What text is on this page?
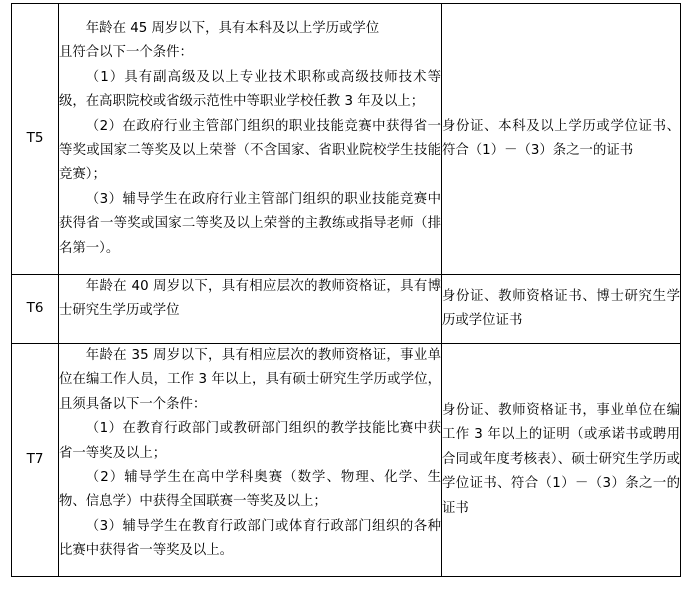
T5	年龄在 45 周岁以下，具有本科及以上学历或学位

且符合以下一个条件：

（1）具有副高级及以上专业技术职称或高级技师技术等级，在高职院校或省级示范性中等职业学校任教 3 年及以上；

（2）在政府行业主管部门组织的职业技能竞赛中获得省一等奖或国家二等奖及以上荣誉（不含国家、省职业院校学生技能竞赛）；

（3）辅导学生在政府行业主管部门组织的职业技能竞赛中获得省一等奖或国家二等奖及以上荣誉的主教练或指导老师（排名第一）。	身份证、本科及以上学历或学位证书、符合（1）－（3）条之一的证书

T6	年龄在 40 周岁以下，具有相应层次的教师资格证，具有博士研究生学历或学位	身份证、教师资格证书、博士研究生学历或学位证书

T7	年龄在 35 周岁以下，具有相应层次的教师资格证，事业单位在编工作人员，工作 3 年以上，具有硕士研究生学历或学位，且须具备以下一个条件：

（1）在教育行政部门或教研部门组织的教学技能比赛中获省一等奖及以上；

（2）辅导学生在高中学科奥赛（数学、物理、化学、生物、信息学）中获得全国联赛一等奖及以上；

（3）辅导学生在教育行政部门或体育行政部门组织的各种比赛中获得省一等奖及以上。	身份证、教师资格证书，事业单位在编工作 3 年以上的证明（或承诺书或聘用合同或年度考核表）、硕士研究生学历或学位证书、符合（1）－（3）条之一的证书
